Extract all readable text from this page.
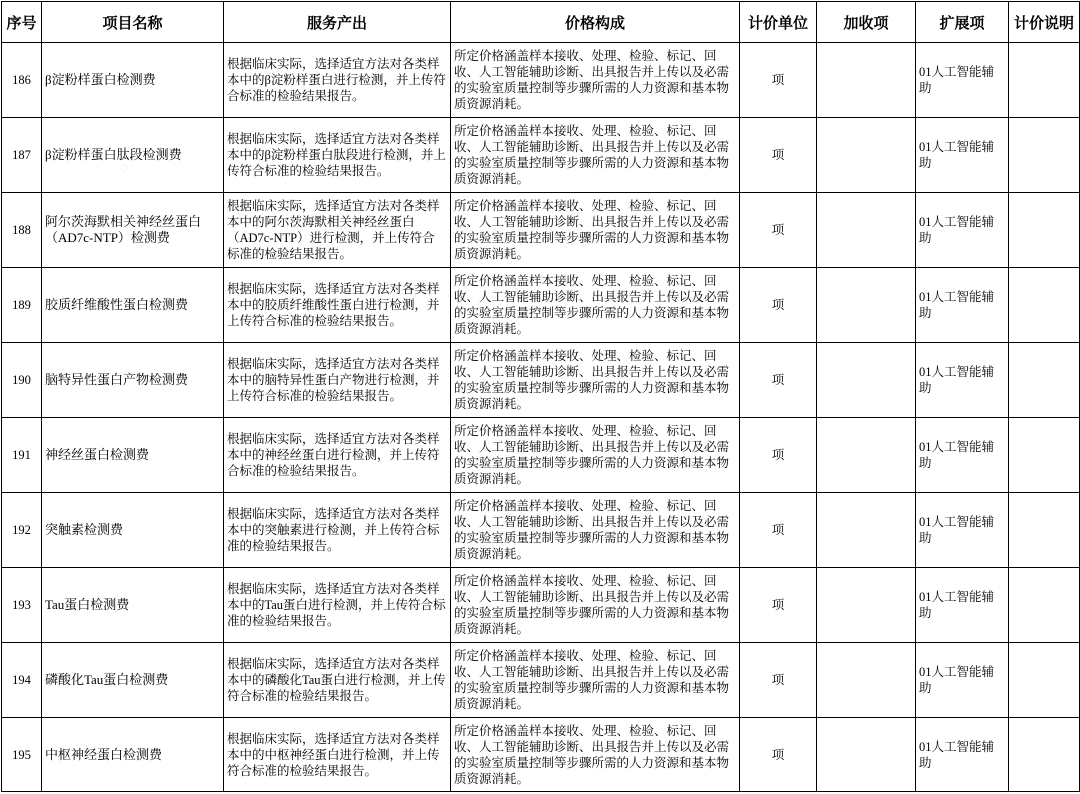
序号	项目名称	服务产出	价格构成	计价单位	加收项	扩展项	计价说明
186	β淀粉样蛋白检测费	根据临床实际，选择适宜方法对各类样本中的β淀粉样蛋白进行检测，并上传符合标准的检验结果报告。	所定价格涵盖样本接收、处理、检验、标记、回收、人工智能辅助诊断、出具报告并上传以及必需的实验室质量控制等步骤所需的人力资源和基本物质资源消耗。	项		01人工智能辅助	
187	β淀粉样蛋白肽段检测费	根据临床实际，选择适宜方法对各类样本中的β淀粉样蛋白肽段进行检测，并上传符合标准的检验结果报告。	所定价格涵盖样本接收、处理、检验、标记、回收、人工智能辅助诊断、出具报告并上传以及必需的实验室质量控制等步骤所需的人力资源和基本物质资源消耗。	项		01人工智能辅助	
188	阿尔茨海默相关神经丝蛋白（AD7c-NTP）检测费	根据临床实际，选择适宜方法对各类样本中的阿尔茨海默相关神经丝蛋白（AD7c-NTP）进行检测，并上传符合标准的检验结果报告。	所定价格涵盖样本接收、处理、检验、标记、回收、人工智能辅助诊断、出具报告并上传以及必需的实验室质量控制等步骤所需的人力资源和基本物质资源消耗。	项		01人工智能辅助	
189	胶质纤维酸性蛋白检测费	根据临床实际，选择适宜方法对各类样本中的胶质纤维酸性蛋白进行检测，并上传符合标准的检验结果报告。	所定价格涵盖样本接收、处理、检验、标记、回收、人工智能辅助诊断、出具报告并上传以及必需的实验室质量控制等步骤所需的人力资源和基本物质资源消耗。	项		01人工智能辅助	
190	脑特异性蛋白产物检测费	根据临床实际，选择适宜方法对各类样本中的脑特异性蛋白产物进行检测，并上传符合标准的检验结果报告。	所定价格涵盖样本接收、处理、检验、标记、回收、人工智能辅助诊断、出具报告并上传以及必需的实验室质量控制等步骤所需的人力资源和基本物质资源消耗。	项		01人工智能辅助	
191	神经丝蛋白检测费	根据临床实际，选择适宜方法对各类样本中的神经丝蛋白进行检测，并上传符合标准的检验结果报告。	所定价格涵盖样本接收、处理、检验、标记、回收、人工智能辅助诊断、出具报告并上传以及必需的实验室质量控制等步骤所需的人力资源和基本物质资源消耗。	项		01人工智能辅助	
192	突触素检测费	根据临床实际，选择适宜方法对各类样本中的突触素进行检测，并上传符合标准的检验结果报告。	所定价格涵盖样本接收、处理、检验、标记、回收、人工智能辅助诊断、出具报告并上传以及必需的实验室质量控制等步骤所需的人力资源和基本物质资源消耗。	项		01人工智能辅助	
193	Tau蛋白检测费	根据临床实际，选择适宜方法对各类样本中的Tau蛋白进行检测，并上传符合标准的检验结果报告。	所定价格涵盖样本接收、处理、检验、标记、回收、人工智能辅助诊断、出具报告并上传以及必需的实验室质量控制等步骤所需的人力资源和基本物质资源消耗。	项		01人工智能辅助	
194	磷酸化Tau蛋白检测费	根据临床实际，选择适宜方法对各类样本中的磷酸化Tau蛋白进行检测，并上传符合标准的检验结果报告。	所定价格涵盖样本接收、处理、检验、标记、回收、人工智能辅助诊断、出具报告并上传以及必需的实验室质量控制等步骤所需的人力资源和基本物质资源消耗。	项		01人工智能辅助	
195	中枢神经蛋白检测费	根据临床实际，选择适宜方法对各类样本中的中枢神经蛋白进行检测，并上传符合标准的检验结果报告。	所定价格涵盖样本接收、处理、检验、标记、回收、人工智能辅助诊断、出具报告并上传以及必需的实验室质量控制等步骤所需的人力资源和基本物质资源消耗。	项		01人工智能辅助	
○
